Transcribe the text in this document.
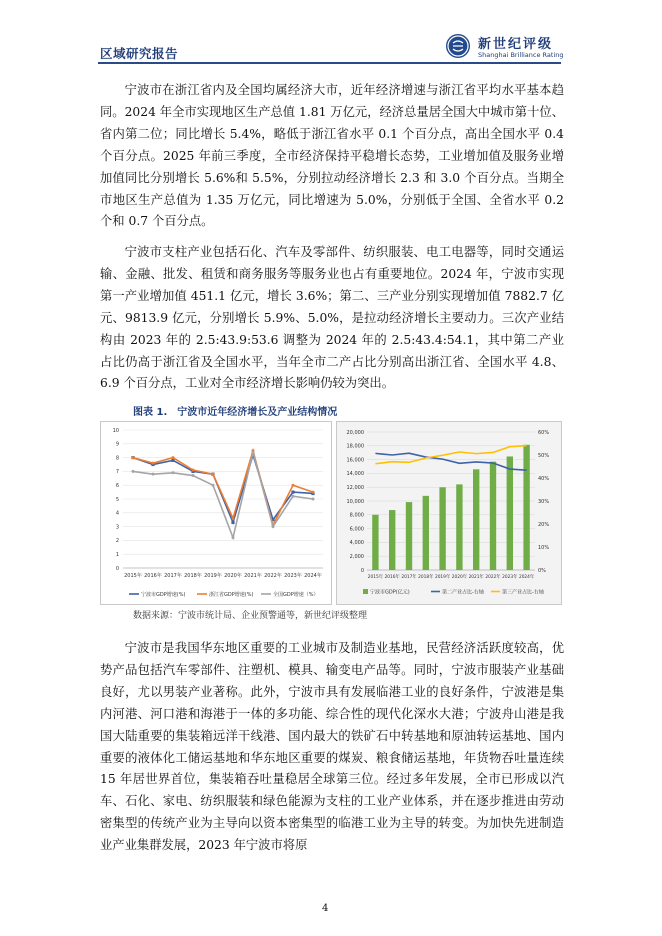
区域研究报告
新世纪评级
Shanghai Brilliance Rating

宁波市在浙江省内及全国均属经济大市，近年经济增速与浙江省平均水平基本趋同。2024 年全市实现地区生产总值 1.81 万亿元，经济总量居全国大中城市第十位、省内第二位；同比增长 5.4%，略低于浙江省水平 0.1 个百分点，高出全国水平 0.4 个百分点。2025 年前三季度，全市经济保持平稳增长态势，工业增加值及服务业增加值同比分别增长 5.6%和 5.5%，分别拉动经济增长 2.3 和 3.0 个百分点。当期全市地区生产总值为 1.35 万亿元，同比增速为 5.0%，分别低于全国、全省水平 0.2 个和 0.7 个百分点。

宁波市支柱产业包括石化、汽车及零部件、纺织服装、电工电器等，同时交通运输、金融、批发、租赁和商务服务等服务业也占有重要地位。2024 年，宁波市实现第一产业增加值 451.1 亿元，增长 3.6%；第二、三产业分别实现增加值 7882.7 亿元、9813.9 亿元，分别增长 5.9%、5.0%，是拉动经济增长主要动力。三次产业结构由 2023 年的 2.5:43.9:53.6 调整为 2024 年的 2.5:43.4:54.1，其中第二产业占比仍高于浙江省及全国水平，当年全市二产占比分别高出浙江省、全国水平 4.8、6.9 个百分点，工业对全市经济增长影响仍较为突出。

图表 1. 宁波市近年经济增长及产业结构情况
0
1
2
3
4
5
6
7
8
9
10
2015年 2016年 2017年 2018年 2019年 2020年 2021年 2022年 2023年 2024年
宁波市GDP增速(%)	浙江省GDP增速(%)	全国GDP增速（%）
0
2,000
4,000
6,000
8,000
10,000
12,000
14,000
16,000
18,000
20,000
0%
10%
20%
30%
40%
50%
60%
2015年 2016年 2017年 2018年 2019年 2020年 2021年 2022年 2023年 2024年
宁波市GDP(亿元)	第二产业占比-右轴	第三产业占比-右轴
数据来源：宁波市统计局、企业预警通等，新世纪评级整理

宁波市是我国华东地区重要的工业城市及制造业基地，民营经济活跃度较高，优势产品包括汽车零部件、注塑机、模具、输变电产品等。同时，宁波市服装产业基础良好，尤以男装产业著称。此外，宁波市具有发展临港工业的良好条件，宁波港是集内河港、河口港和海港于一体的多功能、综合性的现代化深水大港；宁波舟山港是我国大陆重要的集装箱远洋干线港、国内最大的铁矿石中转基地和原油转运基地、国内重要的液体化工储运基地和华东地区重要的煤炭、粮食储运基地，年货物吞吐量连续 15 年居世界首位，集装箱吞吐量稳居全球第三位。经过多年发展，全市已形成以汽车、石化、家电、纺织服装和绿色能源为支柱的工业产业体系，并在逐步推进由劳动密集型的传统产业为主导向以资本密集型的临港工业为主导的转变。为加快先进制造业产业集群发展，2023 年宁波市将原

4
